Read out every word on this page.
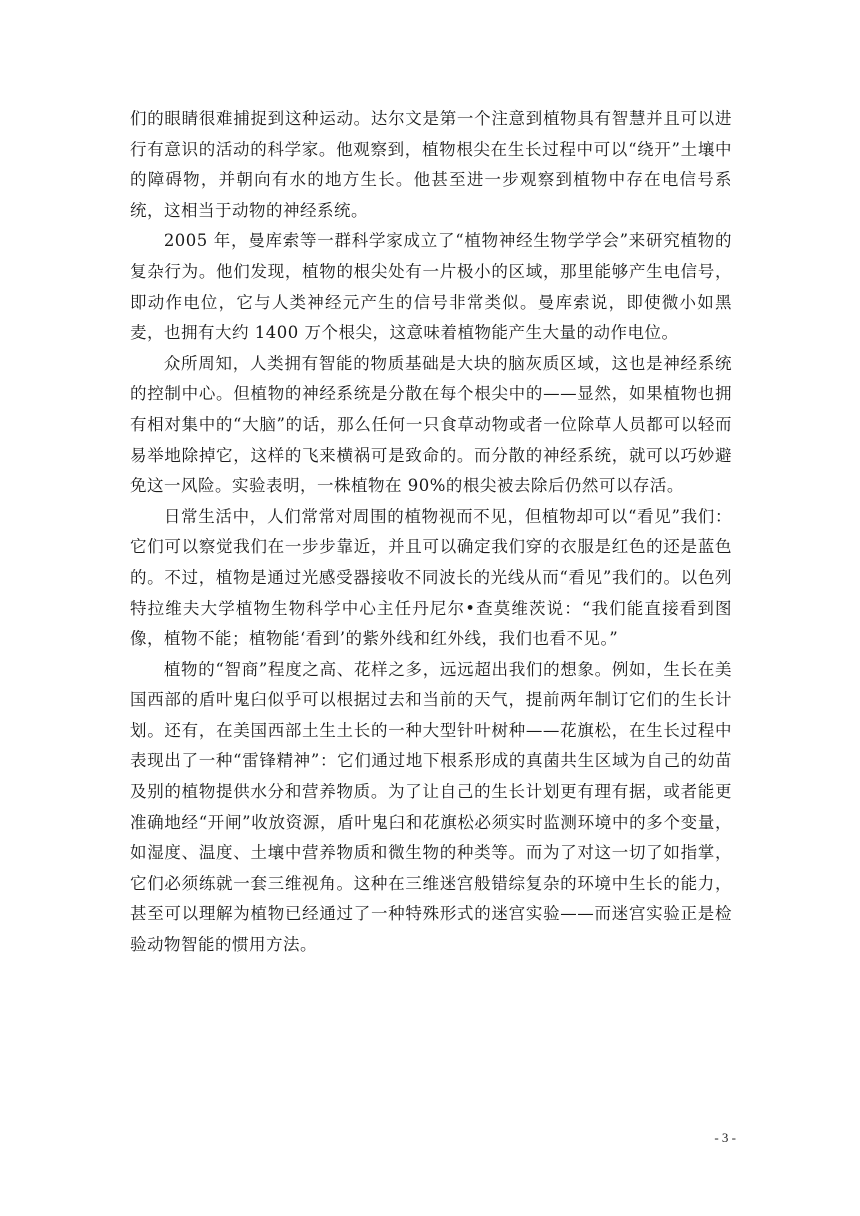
们的眼睛很难捕捉到这种运动。达尔文是第一个注意到植物具有智慧并且可以进行有意识的活动的科学家。他观察到，植物根尖在生长过程中可以“绕开”土壤中的障碍物，并朝向有水的地方生长。他甚至进一步观察到植物中存在电信号系统，这相当于动物的神经系统。

2005 年，曼库索等一群科学家成立了“植物神经生物学学会”来研究植物的复杂行为。他们发现，植物的根尖处有一片极小的区域，那里能够产生电信号，即动作电位，它与人类神经元产生的信号非常类似。曼库索说，即使微小如黑麦，也拥有大约 1400 万个根尖，这意味着植物能产生大量的动作电位。

众所周知，人类拥有智能的物质基础是大块的脑灰质区域，这也是神经系统的控制中心。但植物的神经系统是分散在每个根尖中的——显然，如果植物也拥有相对集中的“大脑”的话，那么任何一只食草动物或者一位除草人员都可以轻而易举地除掉它，这样的飞来横祸可是致命的。而分散的神经系统，就可以巧妙避免这一风险。实验表明，一株植物在 90%的根尖被去除后仍然可以存活。

日常生活中，人们常常对周围的植物视而不见，但植物却可以“看见”我们：它们可以察觉我们在一步步靠近，并且可以确定我们穿的衣服是红色的还是蓝色的。不过，植物是通过光感受器接收不同波长的光线从而“看见”我们的。以色列特拉维夫大学植物生物科学中心主任丹尼尔•查莫维茨说：“我们能直接看到图像，植物不能；植物能‘看到’的紫外线和红外线，我们也看不见。”

植物的“智商”程度之高、花样之多，远远超出我们的想象。例如，生长在美国西部的盾叶鬼臼似乎可以根据过去和当前的天气，提前两年制订它们的生长计划。还有，在美国西部土生土长的一种大型针叶树种——花旗松，在生长过程中表现出了一种“雷锋精神”：它们通过地下根系形成的真菌共生区域为自己的幼苗及别的植物提供水分和营养物质。为了让自己的生长计划更有理有据，或者能更准确地经“开闸”收放资源，盾叶鬼臼和花旗松必须实时监测环境中的多个变量，如湿度、温度、土壤中营养物质和微生物的种类等。而为了对这一切了如指掌，它们必须练就一套三维视角。这种在三维迷宫般错综复杂的环境中生长的能力，甚至可以理解为植物已经通过了一种特殊形式的迷宫实验——而迷宫实验正是检验动物智能的惯用方法。

- 3 -
